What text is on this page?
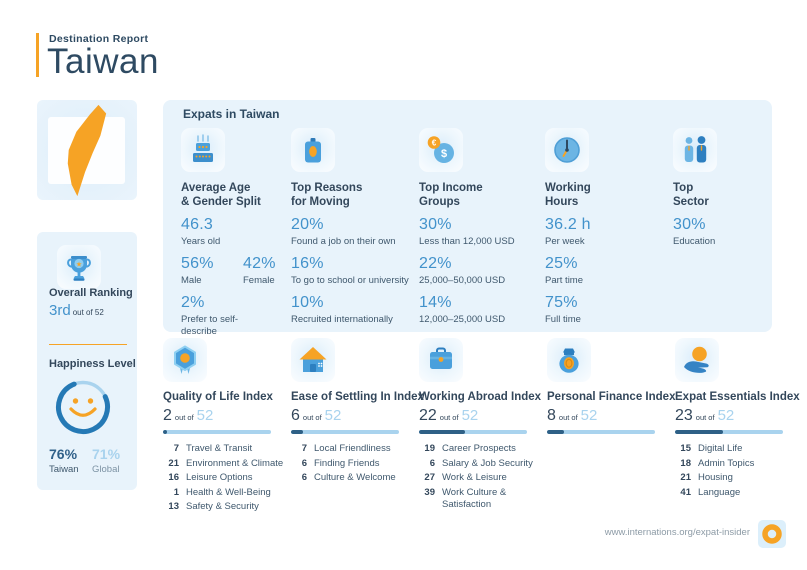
Destination Report
Taiwan
★
Overall Ranking
3rd out of 52
Happiness Level
76% 71%
Taiwan Global
Expats in Taiwan
Average Age
& Gender Split
46.3
Years old
56%
Male
42%
Female
2%
Prefer to self-describe
Top Reasons
for Moving
20%
Found a job on their own
16%
To go to school or university
10%
Recruited internationally
$
€
Top Income
Groups
30%
Less than 12,000 USD
22%
25,000–50,000 USD
14%
12,000–25,000 USD
Working
Hours
36.2 h
Per week
25%
Part time
75%
Full time
Top
Sector
30%
Education
Quality of Life Index
2 out of 52
7 Travel & Transit
21 Environment & Climate
16 Leisure Options
1 Health & Well-Being
13 Safety & Security
Ease of Settling In Index
6 out of 52
7 Local Friendliness
6 Finding Friends
6 Culture & Welcome
Working Abroad Index
22 out of 52
19 Career Prospects
6 Salary & Job Security
27 Work & Leisure
39 Work Culture & Satisfaction
Personal Finance Index
8 out of 52
Expat Essentials Index
23 out of 52
15 Digital Life
18 Admin Topics
21 Housing
41 Language
www.internations.org/expat-insider
